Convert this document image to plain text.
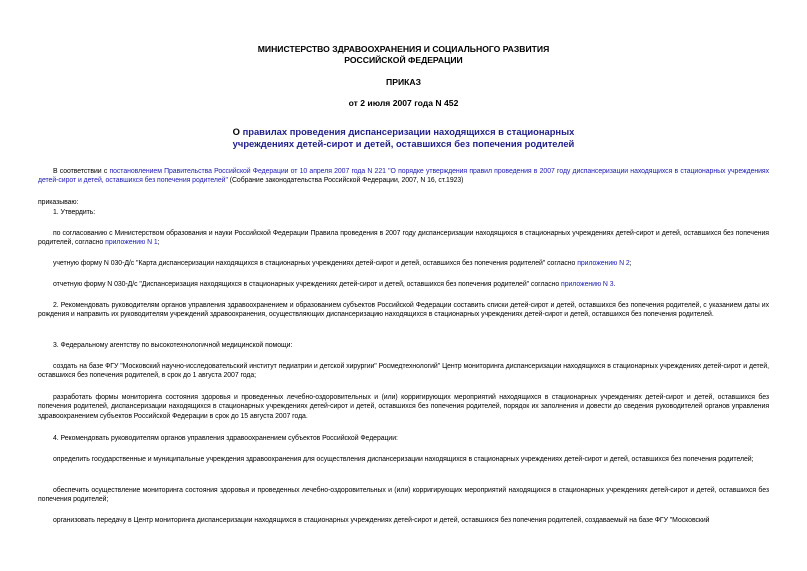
МИНИСТЕРСТВО ЗДРАВООХРАНЕНИЯ И СОЦИАЛЬНОГО РАЗВИТИЯ
РОССИЙСКОЙ ФЕДЕРАЦИИ
ПРИКАЗ
от 2 июля 2007 года N 452
О правилах проведения диспансеризации находящихся в стационарных
учреждениях детей-сирот и детей, оставшихся без попечения родителей
В соответствии с постановлением Правительства Российской Федерации от 10 апреля 2007 года N 221 "О порядке утверждения правил проведения в 2007 году диспансеризации находящихся в стационарных учреждениях детей-сирот и детей, оставшихся без попечения родителей" (Собрание законодательства Российской Федерации, 2007, N 16, ст.1923)
приказываю:
1. Утвердить:
по согласованию с Министерством образования и науки Российской Федерации Правила проведения в 2007 году диспансеризации находящихся в стационарных учреждениях детей-сирот и детей, оставшихся без попечения родителей, согласно приложению N 1;
учетную форму N 030-Д/с "Карта диспансеризации находящихся в стационарных учреждениях детей-сирот и детей, оставшихся без попечения родителей" согласно приложению N 2;
отчетную форму N 030-Д/с "Диспансеризация находящихся в стационарных учреждениях детей-сирот и детей, оставшихся без попечения родителей" согласно приложению N 3.
2. Рекомендовать руководителям органов управления здравоохранением и образованием субъектов Российской Федерации составить списки детей-сирот и детей, оставшихся без попечения родителей, с указанием даты их рождения и направить их руководителям учреждений здравоохранения, осуществляющих диспансеризацию находящихся в стационарных учреждениях детей-сирот и детей, оставшихся без попечения родителей.
3. Федеральному агентству по высокотехнологичной медицинской помощи:
создать на базе ФГУ "Московский научно-исследовательский институт педиатрии и детской хирургии" Росмедтехнологий" Центр мониторинга диспансеризации находящихся в стационарных учреждениях детей-сирот и детей, оставшихся без попечения родителей, в срок до 1 августа 2007 года;
разработать формы мониторинга состояния здоровья и проведенных лечебно-оздоровительных и (или) корригирующих мероприятий находящихся в стационарных учреждениях детей-сирот и детей, оставшихся без попечения родителей, диспансеризации находящихся в стационарных учреждениях детей-сирот и детей, оставшихся без попечения родителей, порядок их заполнения и довести до сведения руководителей органов управления здравоохранением субъектов Российской Федерации в срок до 15 августа 2007 года.
4. Рекомендовать руководителям органов управления здравоохранением субъектов Российской Федерации:
определить государственные и муниципальные учреждения здравоохранения для осуществления диспансеризации находящихся в стационарных учреждениях детей-сирот и детей, оставшихся без попечения родителей;
обеспечить осуществление мониторинга состояния здоровья и проведенных лечебно-оздоровительных и (или) корригирующих мероприятий находящихся в стационарных учреждениях детей-сирот и детей, оставшихся без попечения родителей;
организовать передачу в Центр мониторинга диспансеризации находящихся в стационарных учреждениях детей-сирот и детей, оставшихся без попечения родителей, создаваемый на базе ФГУ "Московский
